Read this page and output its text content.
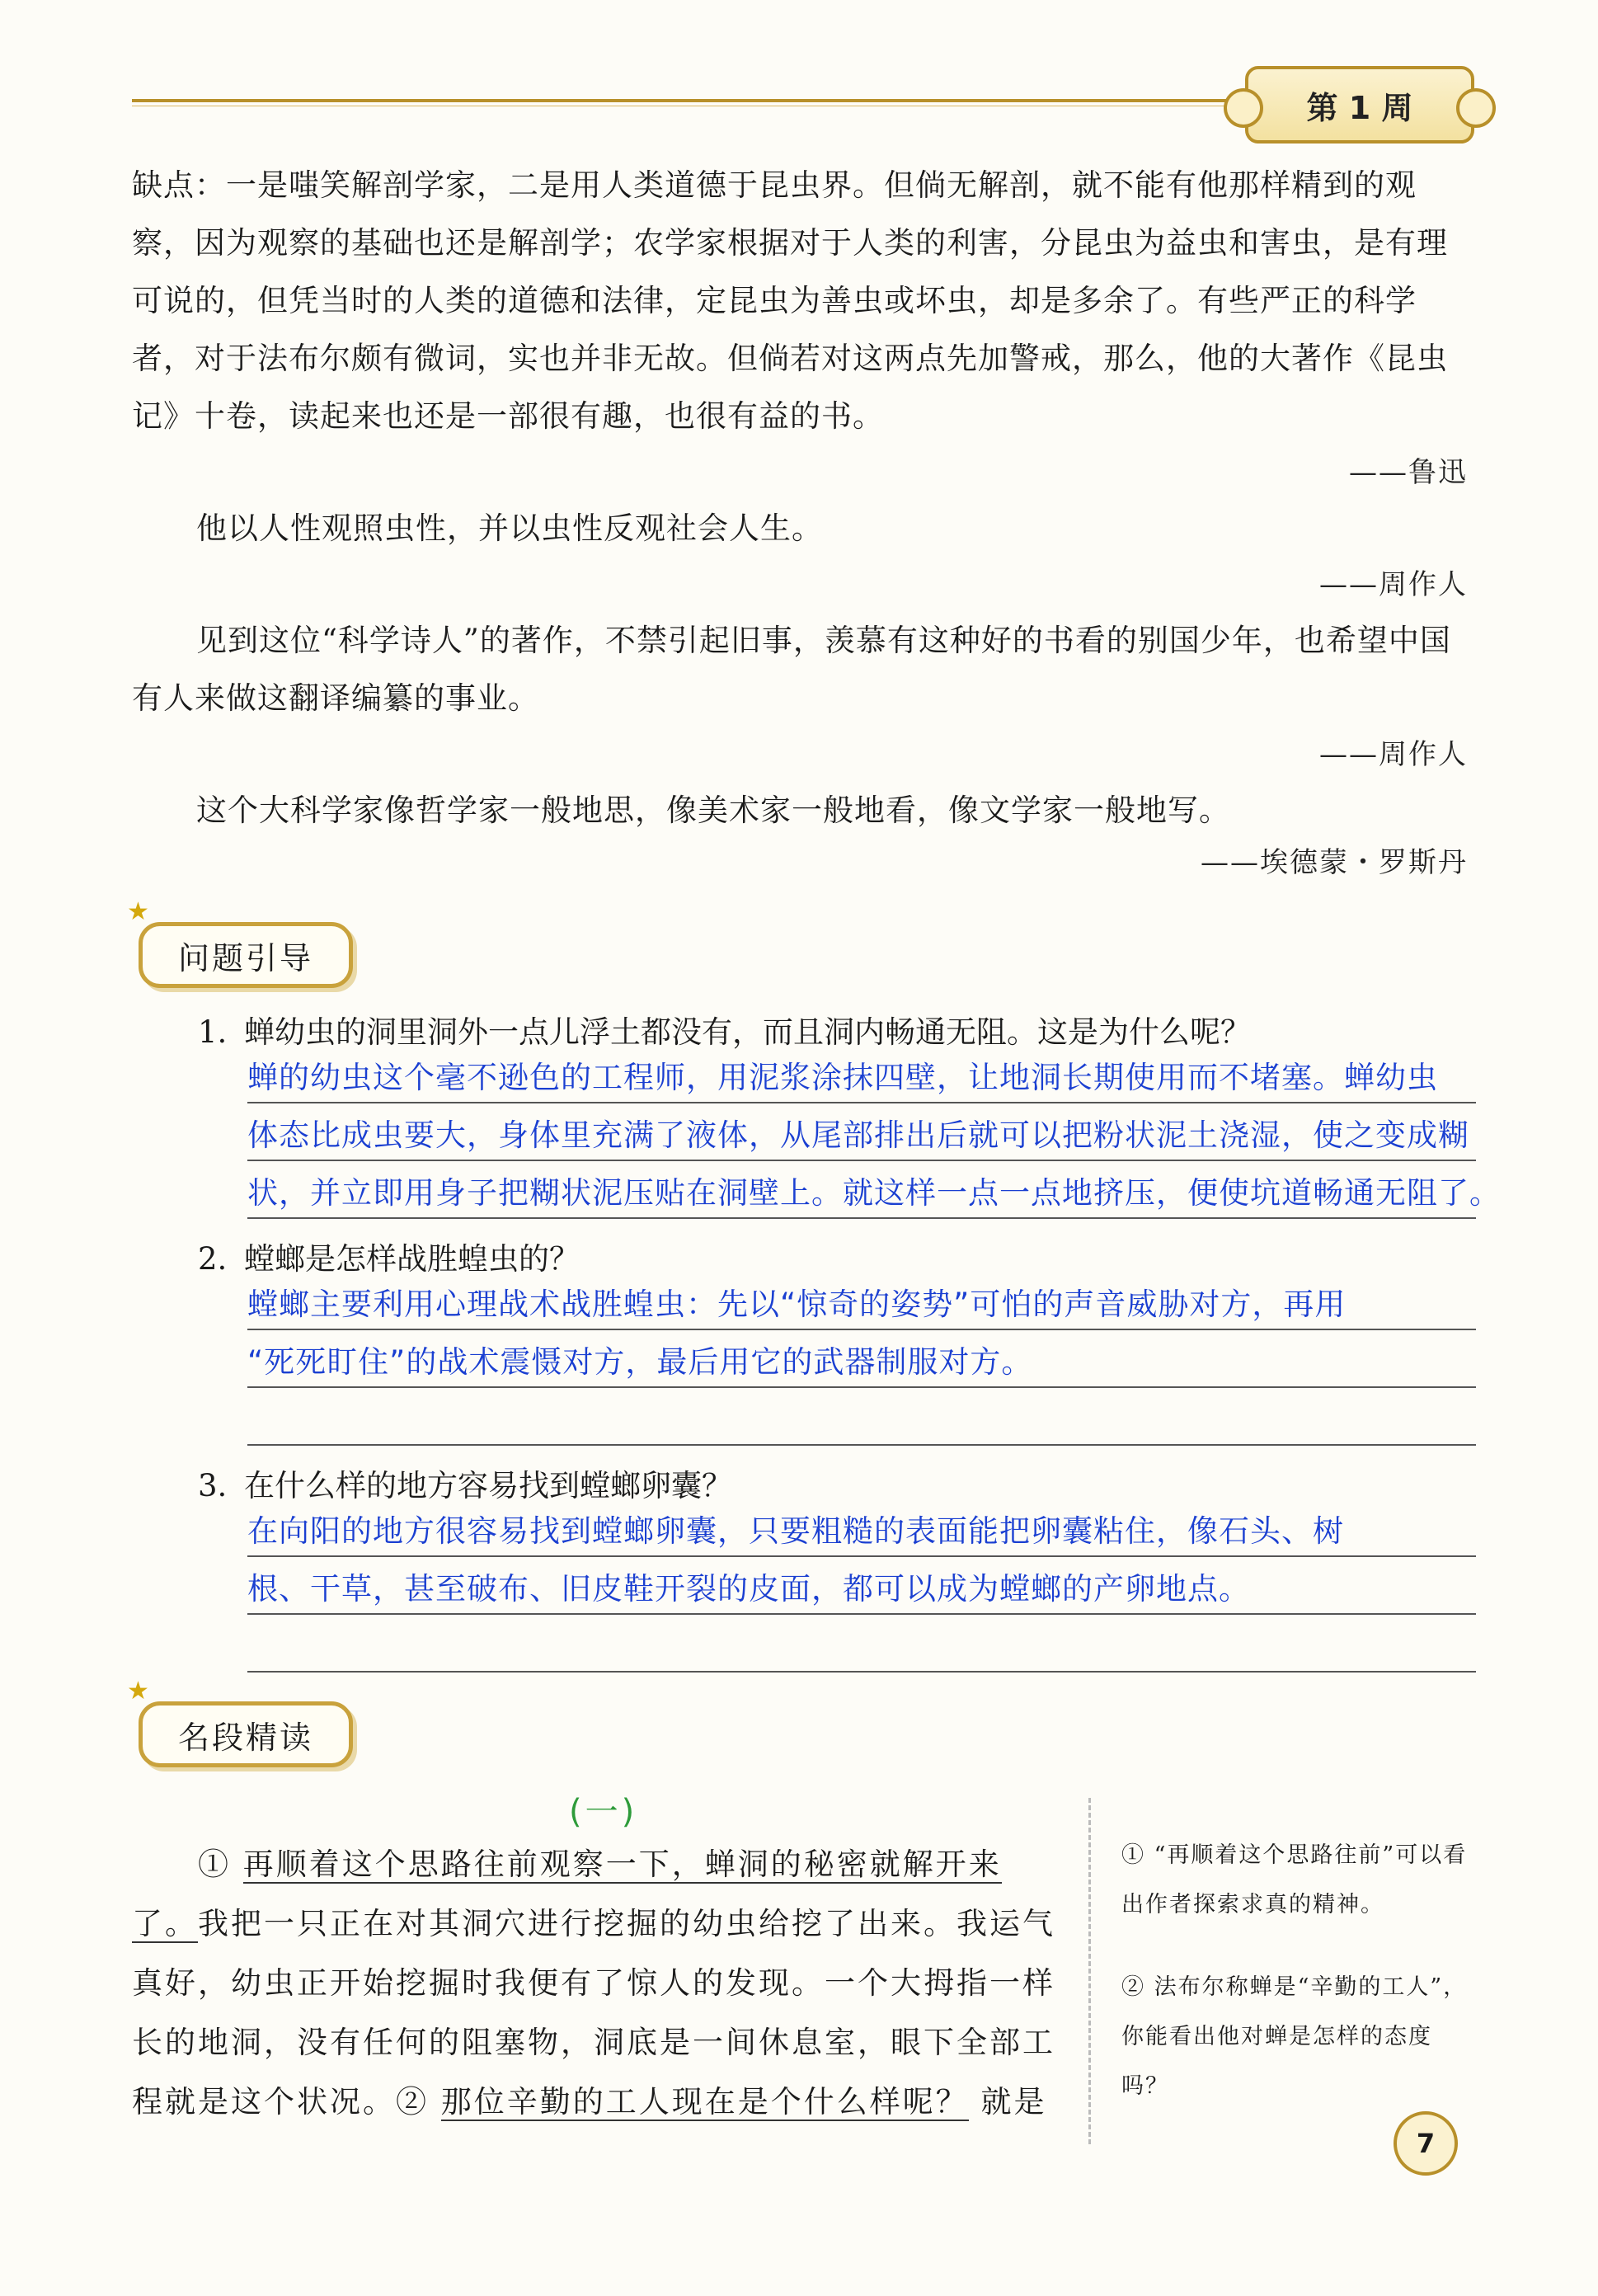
第 1 周

缺点：一是嗤笑解剖学家，二是用人类道德于昆虫界。但倘无解剖，就不能有他那样精到的观察，因为观察的基础也还是解剖学；农学家根据对于人类的利害，分昆虫为益虫和害虫，是有理可说的，但凭当时的人类的道德和法律，定昆虫为善虫或坏虫，却是多余了。有些严正的科学者，对于法布尔颇有微词，实也并非无故。但倘若对这两点先加警戒，那么，他的大著作《昆虫记》十卷，读起来也还是一部很有趣，也很有益的书。

——鲁迅

他以人性观照虫性，并以虫性反观社会人生。

——周作人

见到这位“科学诗人”的著作，不禁引起旧事，羡慕有这种好的书看的别国少年，也希望中国有人来做这翻译编纂的事业。

——周作人

这个大科学家像哲学家一般地思，像美术家一般地看，像文学家一般地写。

——埃德蒙・罗斯丹
★
问题引导
1. 蝉幼虫的洞里洞外一点儿浮土都没有，而且洞内畅通无阻。这是为什么呢？
蝉的幼虫这个毫不逊色的工程师，用泥浆涂抹四壁，让地洞长期使用而不堵塞。蝉幼虫
体态比成虫要大，身体里充满了液体，从尾部排出后就可以把粉状泥土浇湿，使之变成糊
状，并立即用身子把糊状泥压贴在洞壁上。就这样一点一点地挤压，便使坑道畅通无阻了。
2. 螳螂是怎样战胜蝗虫的？
螳螂主要利用心理战术战胜蝗虫：先以“惊奇的姿势”可怕的声音威胁对方，再用
“死死盯住”的战术震慑对方，最后用它的武器制服对方。
3. 在什么样的地方容易找到螳螂卵囊？
在向阳的地方很容易找到螳螂卵囊，只要粗糙的表面能把卵囊粘住，像石头、树
根、干草，甚至破布、旧皮鞋开裂的皮面，都可以成为螳螂的产卵地点。
★
名段精读
(一)
  ① 再顺着这个思路往前观察一下，蝉洞的秘密就解开来了。我把一只正在对其洞穴进行挖掘的幼虫给挖了出来。我运气真好，幼虫正开始挖掘时我便有了惊人的发现。一个大拇指一样长的地洞，没有任何的阻塞物，洞底是一间休息室，眼下全部工程就是这个状况。② 那位辛勤的工人现在是个什么样呢？ 就是

① “再顺着这个思路往前”可以看出作者探索求真的精神。

② 法布尔称蝉是“辛勤的工人”，你能看出他对蝉是怎样的态度吗？

7
